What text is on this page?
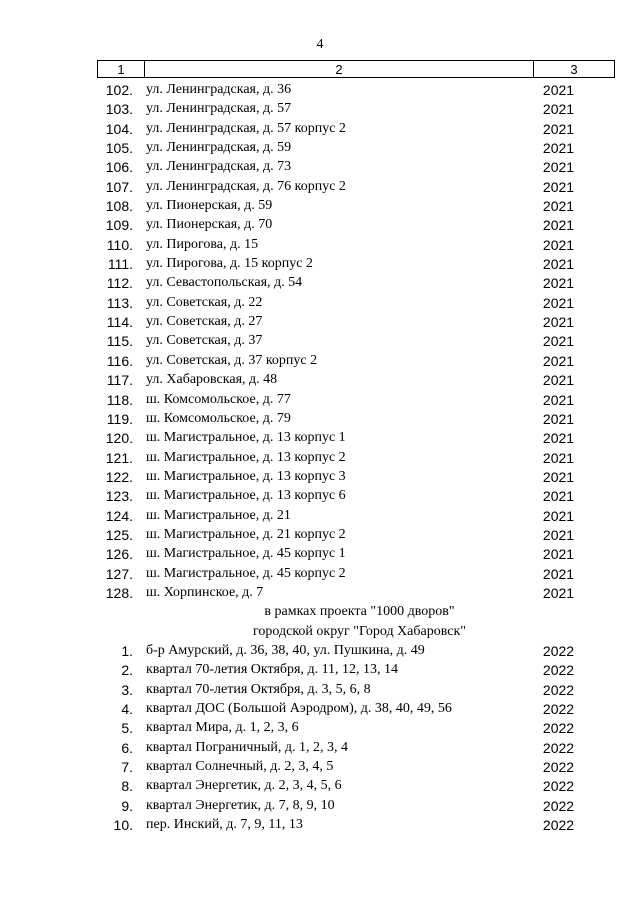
4
1	2	3
102. ул. Ленинградская, д. 36	2021
103. ул. Ленинградская, д. 57	2021
104. ул. Ленинградская, д. 57 корпус 2	2021
105. ул. Ленинградская, д. 59	2021
106. ул. Ленинградская, д. 73	2021
107. ул. Ленинградская, д. 76 корпус 2	2021
108. ул. Пионерская, д. 59	2021
109. ул. Пионерская, д. 70	2021
110. ул. Пирогова, д. 15	2021
111. ул. Пирогова, д. 15 корпус 2	2021
112. ул. Севастопольская, д. 54	2021
113. ул. Советская, д. 22	2021
114. ул. Советская, д. 27	2021
115. ул. Советская, д. 37	2021
116. ул. Советская, д. 37 корпус 2	2021
117. ул. Хабаровская, д. 48	2021
118. ш. Комсомольское, д. 77	2021
119. ш. Комсомольское, д. 79	2021
120. ш. Магистральное, д. 13 корпус 1	2021
121. ш. Магистральное, д. 13 корпус 2	2021
122. ш. Магистральное, д. 13 корпус 3	2021
123. ш. Магистральное, д. 13 корпус 6	2021
124. ш. Магистральное, д. 21	2021
125. ш. Магистральное, д. 21 корпус 2	2021
126. ш. Магистральное, д. 45 корпус 1	2021
127. ш. Магистральное, д. 45 корпус 2	2021
128. ш. Хорпинское, д. 7	2021
в рамках проекта "1000 дворов"
городской округ "Город Хабаровск"
1. б-р Амурский, д. 36, 38, 40, ул. Пушкина, д. 49	2022
2. квартал 70-летия Октября, д. 11, 12, 13, 14	2022
3. квартал 70-летия Октября, д. 3, 5, 6, 8	2022
4. квартал ДОС (Большой Аэродром), д. 38, 40, 49, 56	2022
5. квартал Мира, д. 1, 2, 3, 6	2022
6. квартал Пограничный, д. 1, 2, 3, 4	2022
7. квартал Солнечный, д. 2, 3, 4, 5	2022
8. квартал Энергетик, д. 2, 3, 4, 5, 6	2022
9. квартал Энергетик, д. 7, 8, 9, 10	2022
10. пер. Инский, д. 7, 9, 11, 13	2022
